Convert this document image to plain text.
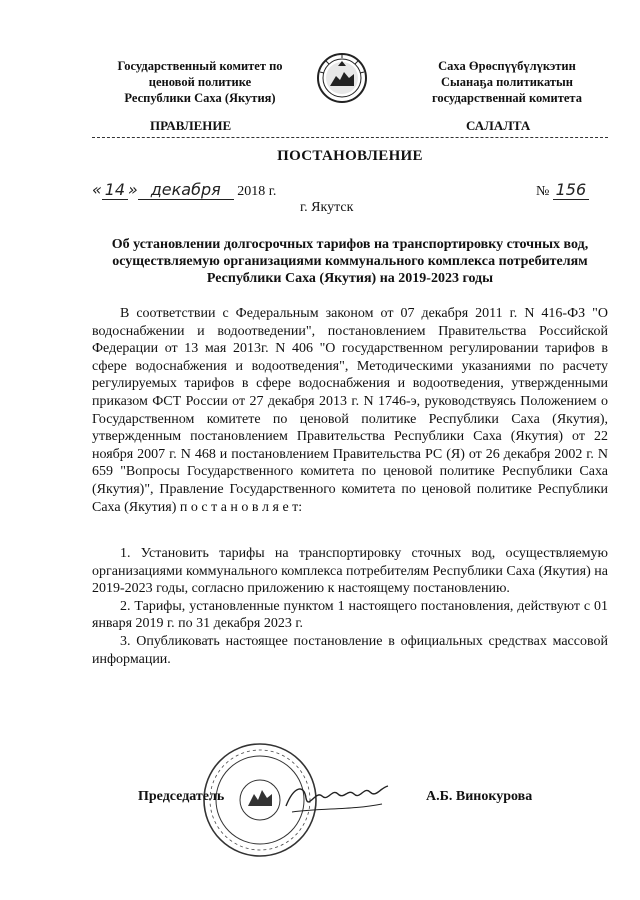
Государственный комитет по
ценовой политике
Республики Саха (Якутия)
Саха Өрөспүүбүлүкэтин
Сыанаҕа политикатын
государственнай комитета
ПРАВЛЕНИЕ	САЛАЛТА
ПОСТАНОВЛЕНИЕ
« 14 » декабря 2018 г.	№ 156
г. Якутск
Об установлении долгосрочных тарифов на транспортировку сточных вод, осуществляемую организациями коммунального комплекса потребителям Республики Саха (Якутия) на 2019-2023 годы
В соответствии с Федеральным законом от 07 декабря 2011 г. N 416-ФЗ "О водоснабжении и водоотведении", постановлением Правительства Российской Федерации от 13 мая 2013г. N 406 "О государственном регулировании тарифов в сфере водоснабжения и водоотведения", Методическими указаниями по расчету регулируемых тарифов в сфере водоснабжения и водоотведения, утвержденными приказом ФСТ России от 27 декабря 2013 г. N 1746-э, руководствуясь Положением о Государственном комитете по ценовой политике Республики Саха (Якутия), утвержденным постановлением Правительства Республики Саха (Якутия) от 22 ноября 2007 г. N 468 и постановлением Правительства РС (Я) от 26 декабря 2002 г. N 659 "Вопросы Государственного комитета по ценовой политике Республики Саха (Якутия)", Правление Государственного комитета по ценовой политике Республики Саха (Якутия) п о с т а н о в л я е т:

1. Установить тарифы на транспортировку сточных вод, осуществляемую организациями коммунального комплекса потребителям Республики Саха (Якутия) на 2019-2023 годы, согласно приложению к настоящему постановлению.

2. Тарифы, установленные пунктом 1 настоящего постановления, действуют с 01 января 2019 г. по 31 декабря 2023 г.

3. Опубликовать настоящее постановление в официальных средствах массовой информации.

Председатель	А.Б. Винокурова
